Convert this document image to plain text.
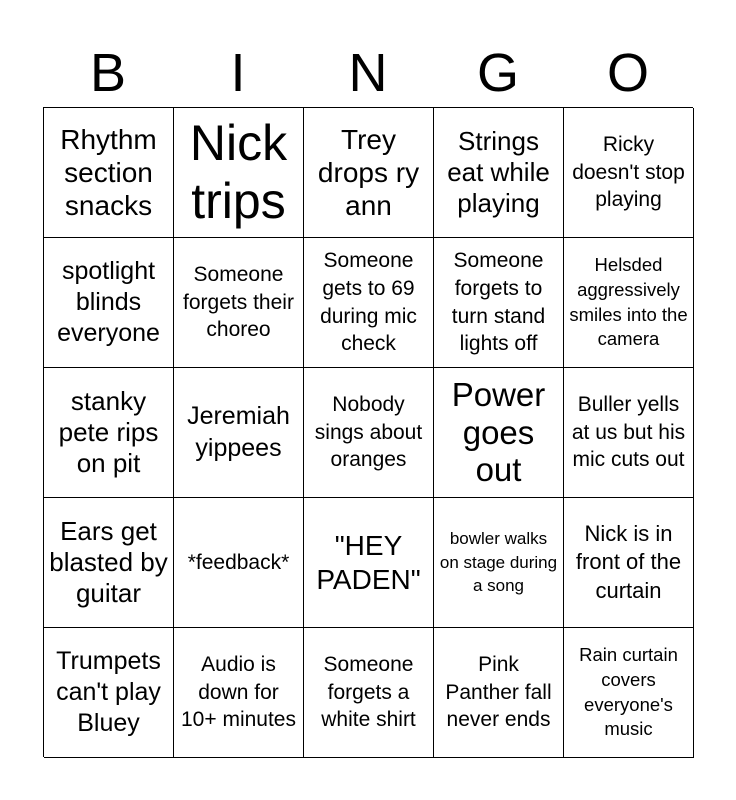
B	I	N	G	O
Rhythm section snacks
Nick trips
Trey drops ry ann
Strings eat while playing
Ricky doesn't stop playing
spotlight blinds everyone
Someone forgets their choreo
Someone gets to 69 during mic check
Someone forgets to turn stand lights off
Helsded aggressively smiles into the camera
stanky pete rips on pit
Jeremiah yippees
Nobody sings about oranges
Power goes out
Buller yells at us but his mic cuts out
Ears get blasted by guitar
*feedback*
"HEY PADEN"
bowler walks on stage during a song
Nick is in front of the curtain
Trumpets can't play Bluey
Audio is down for 10+ minutes
Someone forgets a white shirt
Pink Panther fall never ends
Rain curtain covers everyone's music
